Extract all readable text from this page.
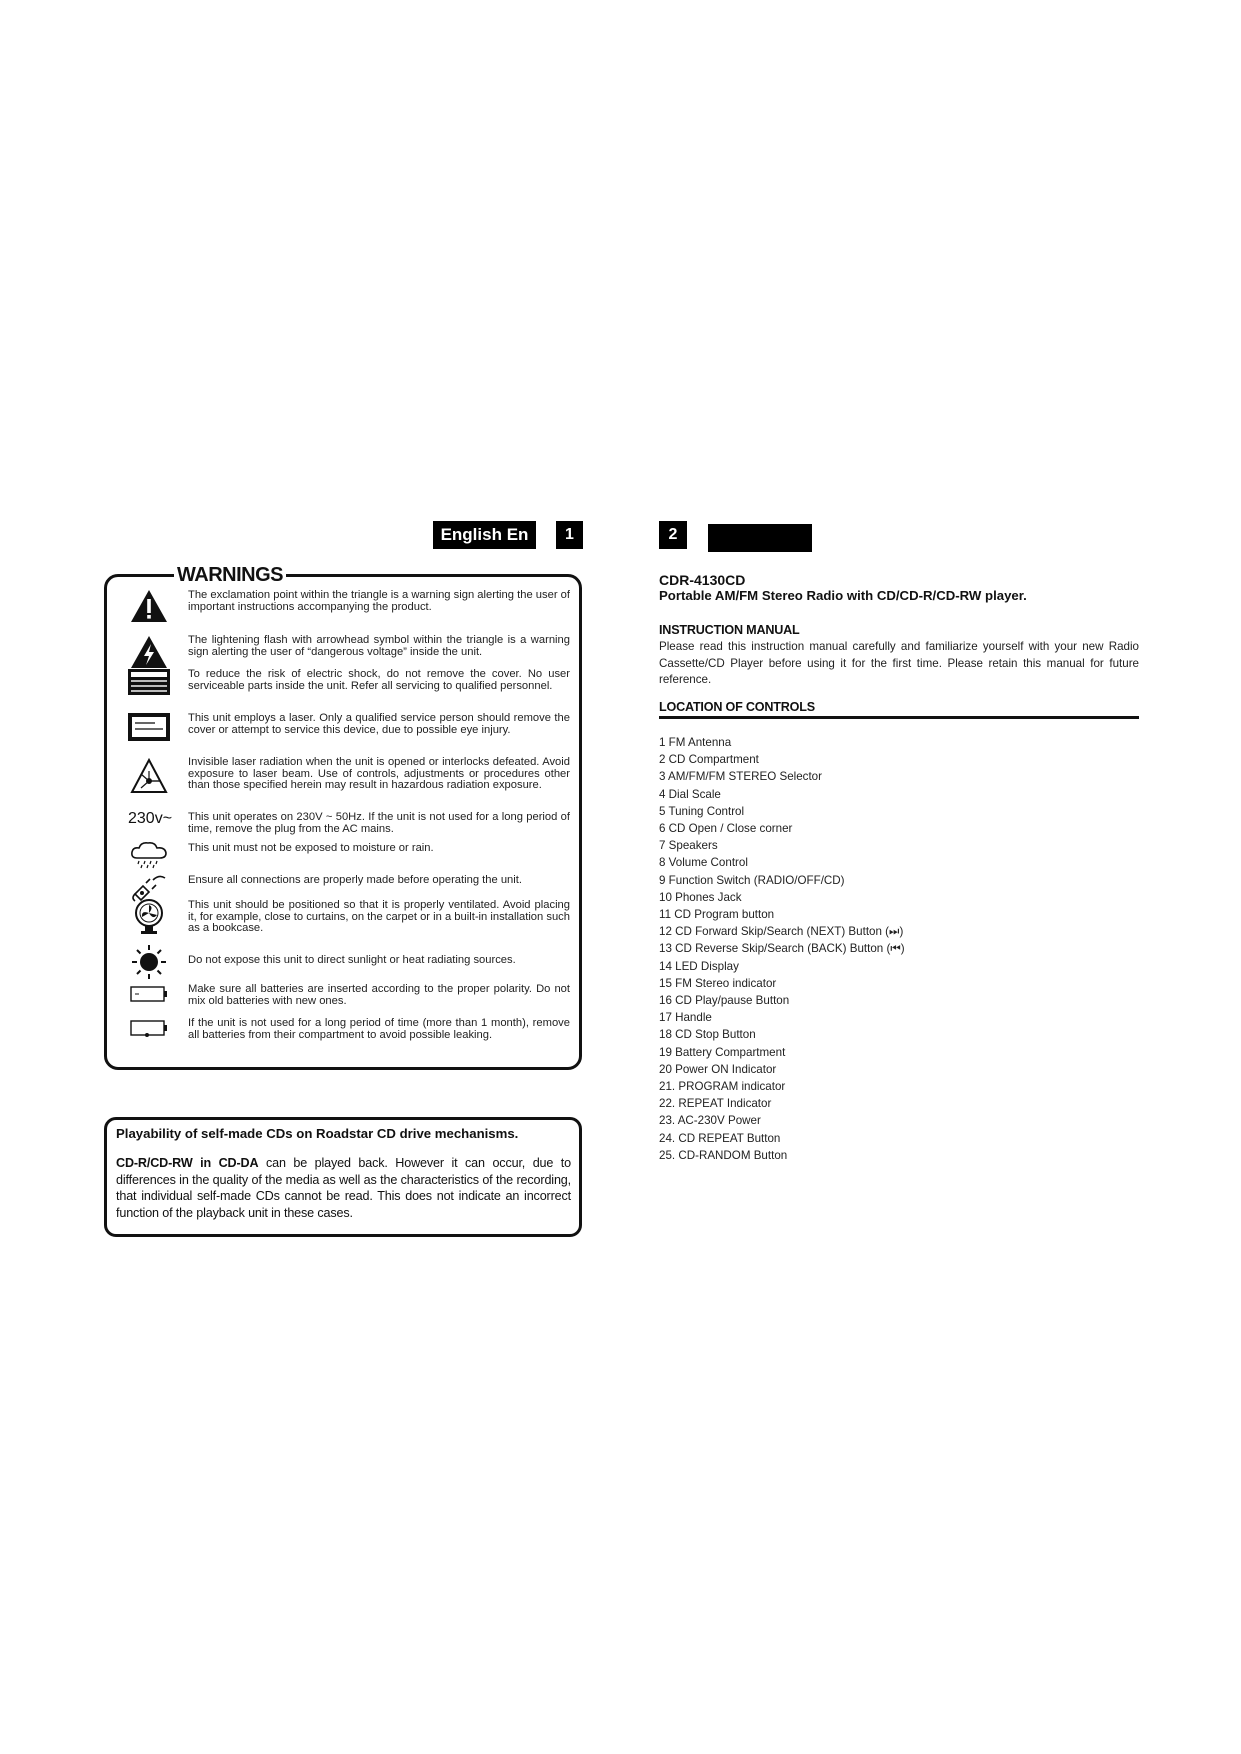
English En	1	2
WARNINGS
The exclamation point within the triangle is a warning sign alerting the user of important instructions accompanying the product.
The lightening flash with arrowhead symbol within the triangle is a warning sign alerting the user of “dangerous voltage” inside the unit.
To reduce the risk of electric shock, do not remove the cover. No user serviceable parts inside the unit. Refer all servicing to qualified personnel.
This unit employs a laser. Only a qualified service person should remove the cover or attempt to service this device, due to possible eye injury.
Invisible laser radiation when the unit is opened or interlocks defeated. Avoid exposure to laser beam. Use of controls, adjustments or procedures other than those specified herein may result in hazardous radiation exposure.
230v~	This unit operates on 230V ~ 50Hz. If the unit is not used for a long period of time, remove the plug from the AC mains.
This unit must not be exposed to moisture or rain.
Ensure all connections are properly made before operating the unit.
This unit should be positioned so that it is properly ventilated. Avoid placing it, for example, close to curtains, on the carpet or in a built-in installation such as a bookcase.
Do not expose this unit to direct sunlight or heat radiating sources.
Make sure all batteries are inserted according to the proper polarity. Do not mix old batteries with new ones.
If the unit is not used for a long period of time (more than 1 month), remove all batteries from their compartment to avoid possible leaking.
Playability of self-made CDs on Roadstar CD drive mechanisms.
CD-R/CD-RW in CD-DA can be played back. However it can occur, due to differences in the quality of the media as well as the characteristics of the recording, that individual self-made CDs cannot be read. This does not indicate an incorrect function of the playback unit in these cases.
CDR-4130CD
Portable AM/FM Stereo Radio with CD/CD-R/CD-RW player.
INSTRUCTION MANUAL
Please read this instruction manual carefully and familiarize yourself with your new Radio Cassette/CD Player before using it for the first time. Please retain this manual for future reference.
LOCATION OF CONTROLS
1 FM Antenna
2 CD Compartment
3 AM/FM/FM STEREO Selector
4 Dial Scale
5 Tuning Control
6 CD Open / Close corner
7 Speakers
8 Volume Control
9 Function Switch (RADIO/OFF/CD)
10 Phones Jack
11 CD Program button
12 CD Forward Skip/Search (NEXT) Button (⏭)
13 CD Reverse Skip/Search (BACK) Button (⏮)
14 LED Display
15 FM Stereo indicator
16 CD Play/pause Button
17 Handle
18 CD Stop Button
19 Battery Compartment
20 Power ON Indicator
21. PROGRAM indicator
22. REPEAT Indicator
23. AC-230V Power
24. CD REPEAT Button
25. CD-RANDOM Button
